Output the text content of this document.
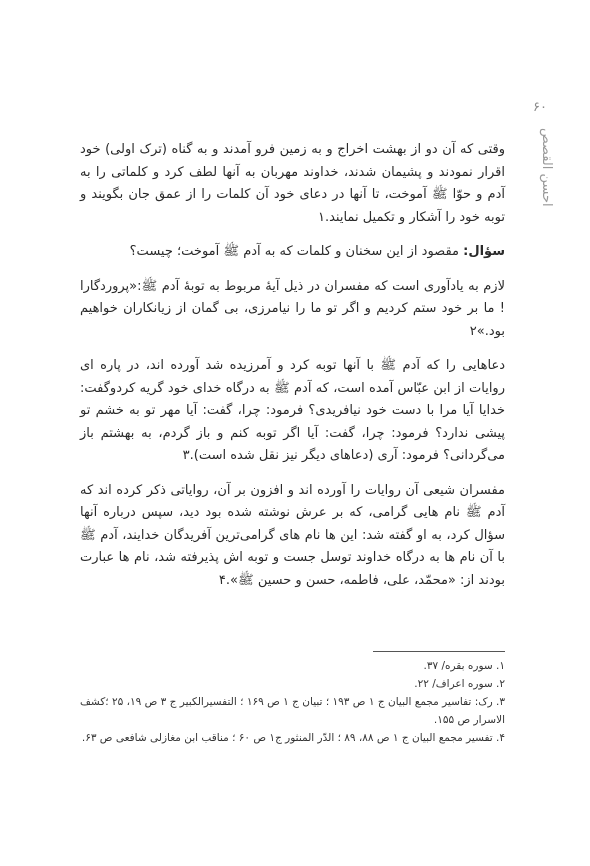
احسن القصص
۶۰

وقتی که آن دو از بهشت اخراج و به زمین فرو آمدند و به گناه (ترک اولی) خود اقرار نمودند و پشیمان شدند، خداوند مهربان به آنها لطف کرد و کلماتی را به آدم و حوّا ﷺ آموخت، تا آنها در دعای خود آن کلمات را از عمق جان بگویند و توبه خود را آشکار و تکمیل نمایند.۱

سؤال: مقصود از این سخنان و کلمات که به آدم ﷺ آموخت؛ چیست؟

لازم به یادآوری است که مفسران در ذیل آیهٔ مربوط به توبهٔ آدم ﷺ:«پروردگارا ! ما بر خود ستم کردیم و اگر تو ما را نیامرزی، بی گمان از زیانکاران خواهیم بود.»۲

دعاهایی را که آدم ﷺ با آنها توبه کرد و آمرزیده شد آورده اند، در پاره ای روایات از ابن عبّاس آمده است، که آدم ﷺ به درگاه خدای خود گریه کردوگفت: خدایا آیا مرا با دست خود نیافریدی؟ فرمود: چرا، گفت: آیا مهر تو به خشم تو پیشی ندارد؟ فرمود: چرا، گفت: آیا اگر توبه کنم و باز گردم، به بهشتم باز می‌گردانی؟ فرمود: آری (دعاهای دیگر نیز نقل شده است).۳

مفسران شیعی آن روایات را آورده اند و افزون بر آن، روایاتی ذکر کرده اند که آدم ﷺ نام هایی گرامی، که بر عرش نوشته شده بود دید، سپس درباره آنها سؤال کرد، به او گفته شد: این ها نام های گرامی‌ترین آفریدگان خدایند، آدم ﷺ با آن نام ها به درگاه خداوند توسل جست و توبه اش پذیرفته شد، نام ها عبارت بودند از: «محمّد، علی، فاطمه، حسن و حسین ﷺ».۴

۱. سوره بقره/ ۳۷.

۲. سوره اعراف/ ۲۲.

۳. رک: تفاسیر مجمع البیان ج ۱ ص ۱۹۳ ؛ تبیان ج ۱ ص ۱۶۹ ؛ التفسیرالکبیر ج ۳ ص ۱۹، ۲۵ ؛کشف الاسرار ص ۱۵۵.

۴. تفسیر مجمع البیان ج ۱ ص ۸۸، ۸۹ ؛ الدّر المنثور ج۱ ص ۶۰ ؛ مناقب ابن مغازلی شافعی ص ۶۳.
